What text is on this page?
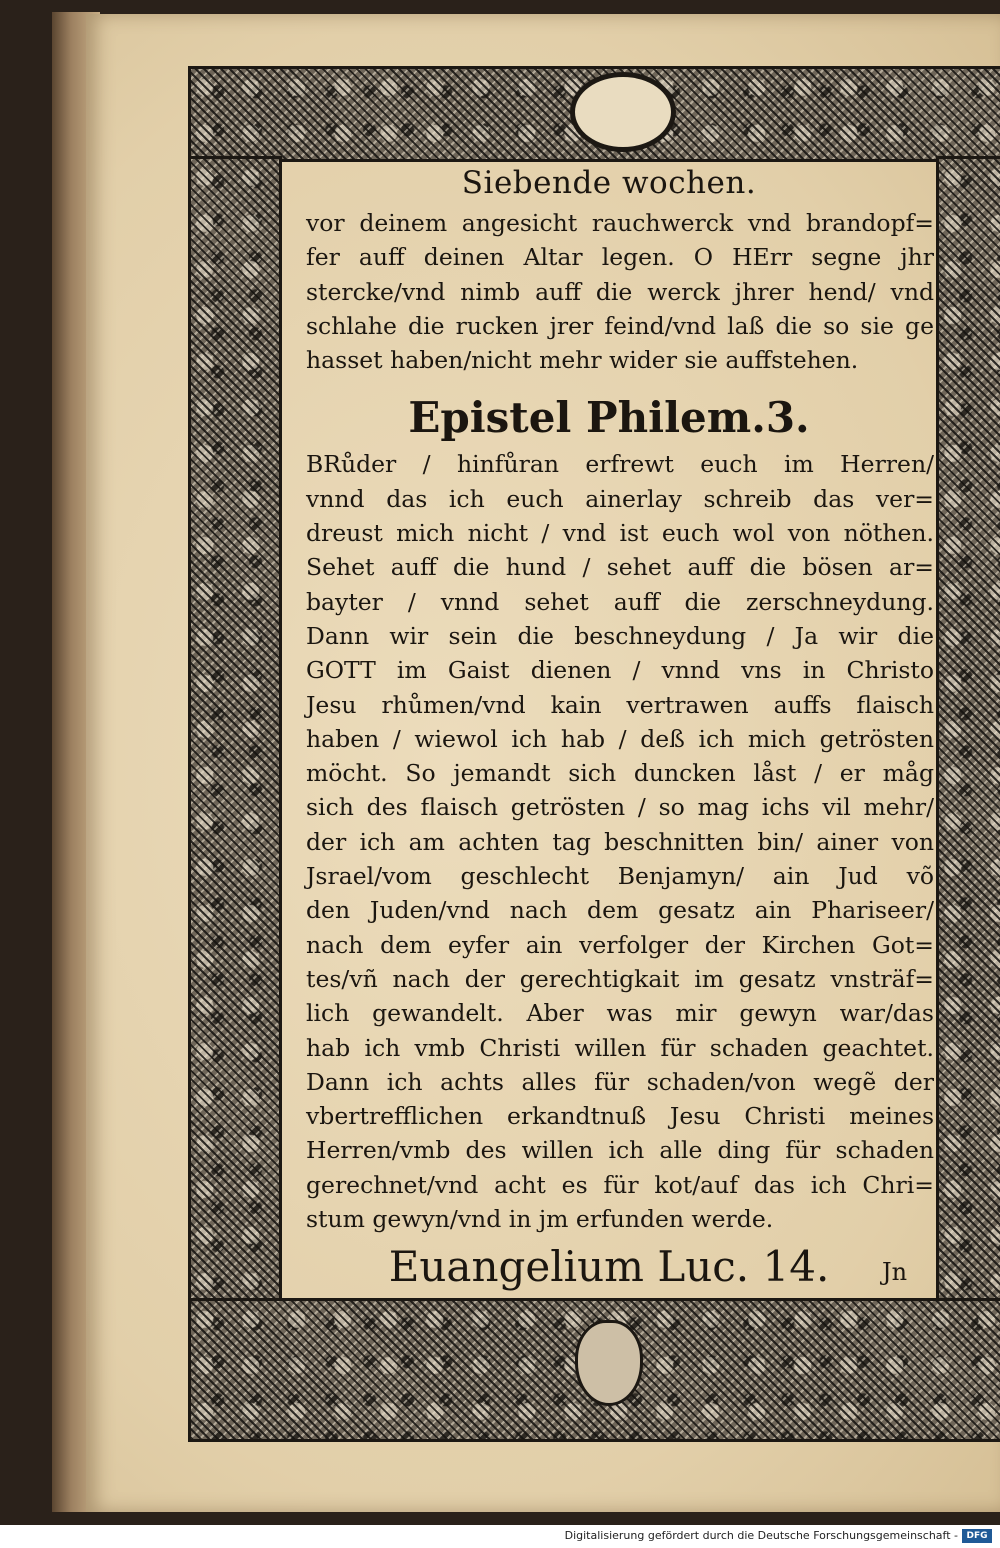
Siebende wochen.
vor deinem angesicht rauchwerck vnd brandopf=
fer auff deinen Altar legen. O HErr segne jhr
stercke/vnd nimb auff die werck jhrer hend/ vnd
schlahe die rucken jrer feind/vnd laß die so sie ge
hasset haben/nicht mehr wider sie auffstehen.
Epistel Philem.3.
BRůder / hinfůran erfrewt euch im Herren/
vnnd das ich euch ainerlay schreib das ver=
dreust mich nicht / vnd ist euch wol von nöthen.
Sehet auff die hund / sehet auff die bösen ar=
bayter / vnnd sehet auff die zerschneydung.
Dann wir sein die beschneydung / Ja wir die
GOTT im Gaist dienen / vnnd vns in Christo
Jesu rhůmen/vnd kain vertrawen auffs flaisch
haben / wiewol ich hab / deß ich mich getrösten
möcht. So jemandt sich duncken låst / er måg
sich des flaisch getrösten / so mag ichs vil mehr/
der ich am achten tag beschnitten bin/ ainer von
Jsrael/vom geschlecht Benjamyn/ ain Jud võ
den Juden/vnd nach dem gesatz ain Phariseer/
nach dem eyfer ain verfolger der Kirchen Got=
tes/vñ nach der gerechtigkait im gesatz vnsträf=
lich gewandelt. Aber was mir gewyn war/das
hab ich vmb Christi willen für schaden geachtet.
Dann ich achts alles für schaden/von wegẽ der
vbertrefflichen erkandtnuß Jesu Christi meines
Herren/vmb des willen ich alle ding für schaden
gerechnet/vnd acht es für kot/auf das ich Chri=
stum gewyn/vnd in jm erfunden werde.
Euangelium Luc. 14.	Jn
Digitalisierung gefördert durch die Deutsche Forschungsgemeinschaft - DFG
